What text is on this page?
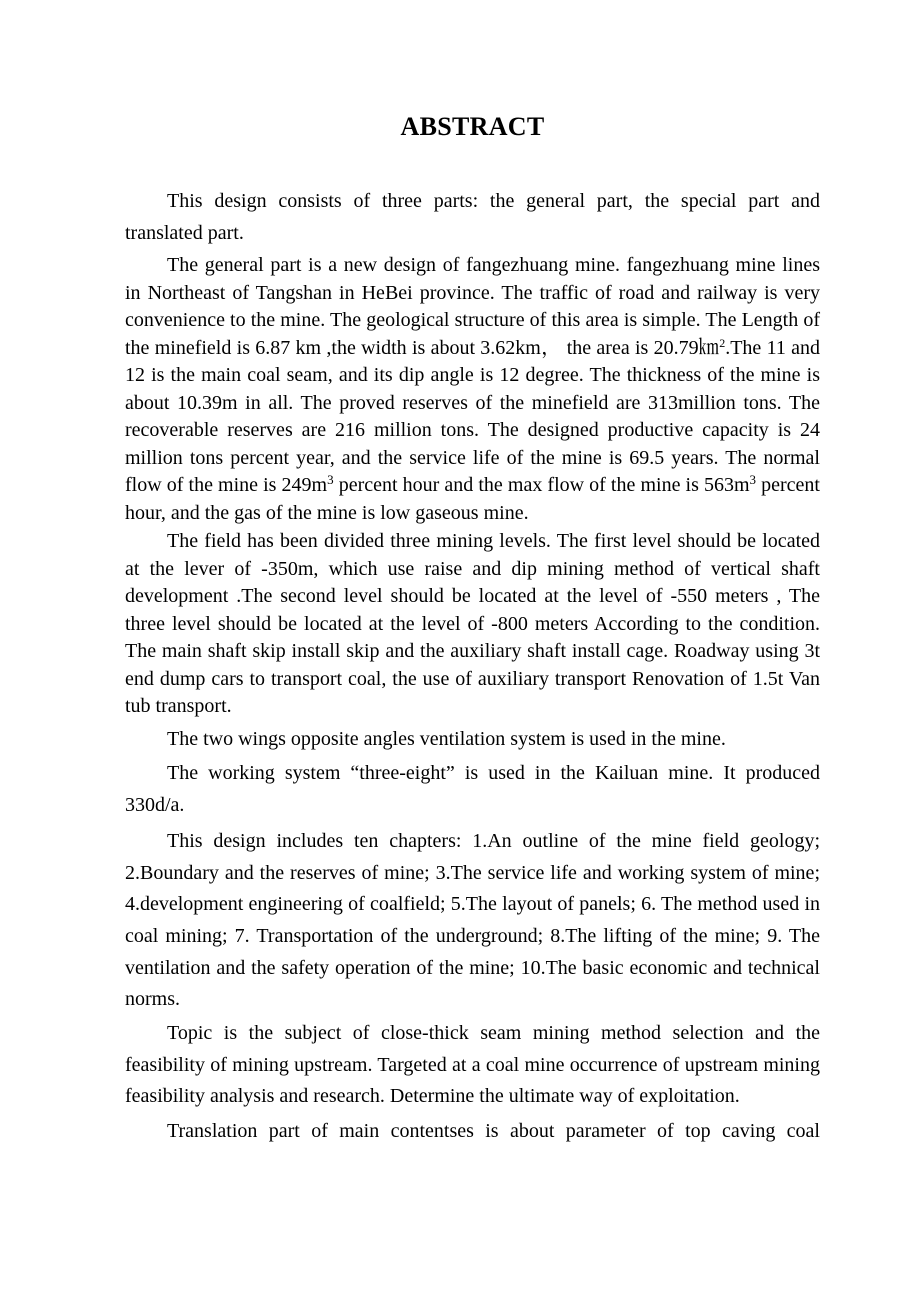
ABSTRACT

This design consists of three parts: the general part, the special part and translated part.

The general part is a new design of fangezhuang mine. fangezhuang mine lines in Northeast of Tangshan in HeBei province. The traffic of road and railway is very convenience to the mine. The geological structure of this area is simple. The Length of the minefield is 6.87 km ,the width is about 3.62km， the area is 20.79㎞$^2$.The 11 and 12 is the main coal seam, and its dip angle is 12 degree. The thickness of the mine is about 10.39m in all. The proved reserves of the minefield are 313million tons. The recoverable reserves are 216 million tons. The designed productive capacity is 24 million tons percent year, and the service life of the mine is 69.5 years. The normal flow of the mine is $249m^3$ percent hour and the max flow of the mine is $563m^3$ percent hour, and the gas of the mine is low gaseous mine.

The field has been divided three mining levels. The first level should be located at the lever of -350m, which use raise and dip mining method of vertical shaft development .The second level should be located at the level of -550 meters , The three level should be located at the level of -800 meters According to the condition. The main shaft skip install skip and the auxiliary shaft install cage. Roadway using 3t end dump cars to transport coal, the use of auxiliary transport Renovation of 1.5t Van tub transport.

The two wings opposite angles ventilation system is used in the mine.

The working system “three-eight” is used in the Kailuan mine. It produced 330d/a.

This design includes ten chapters: 1.An outline of the mine field geology; 2.Boundary and the reserves of mine; 3.The service life and working system of mine; 4.development engineering of coalfield; 5.The layout of panels; 6. The method used in coal mining; 7. Transportation of the underground; 8.The lifting of the mine; 9. The ventilation and the safety operation of the mine; 10.The basic economic and technical norms.

Topic is the subject of close-thick seam mining method selection and the feasibility of mining upstream. Targeted at a coal mine occurrence of upstream mining feasibility analysis and research. Determine the ultimate way of exploitation.

Translation part of main contentses is about parameter of top caving coal
